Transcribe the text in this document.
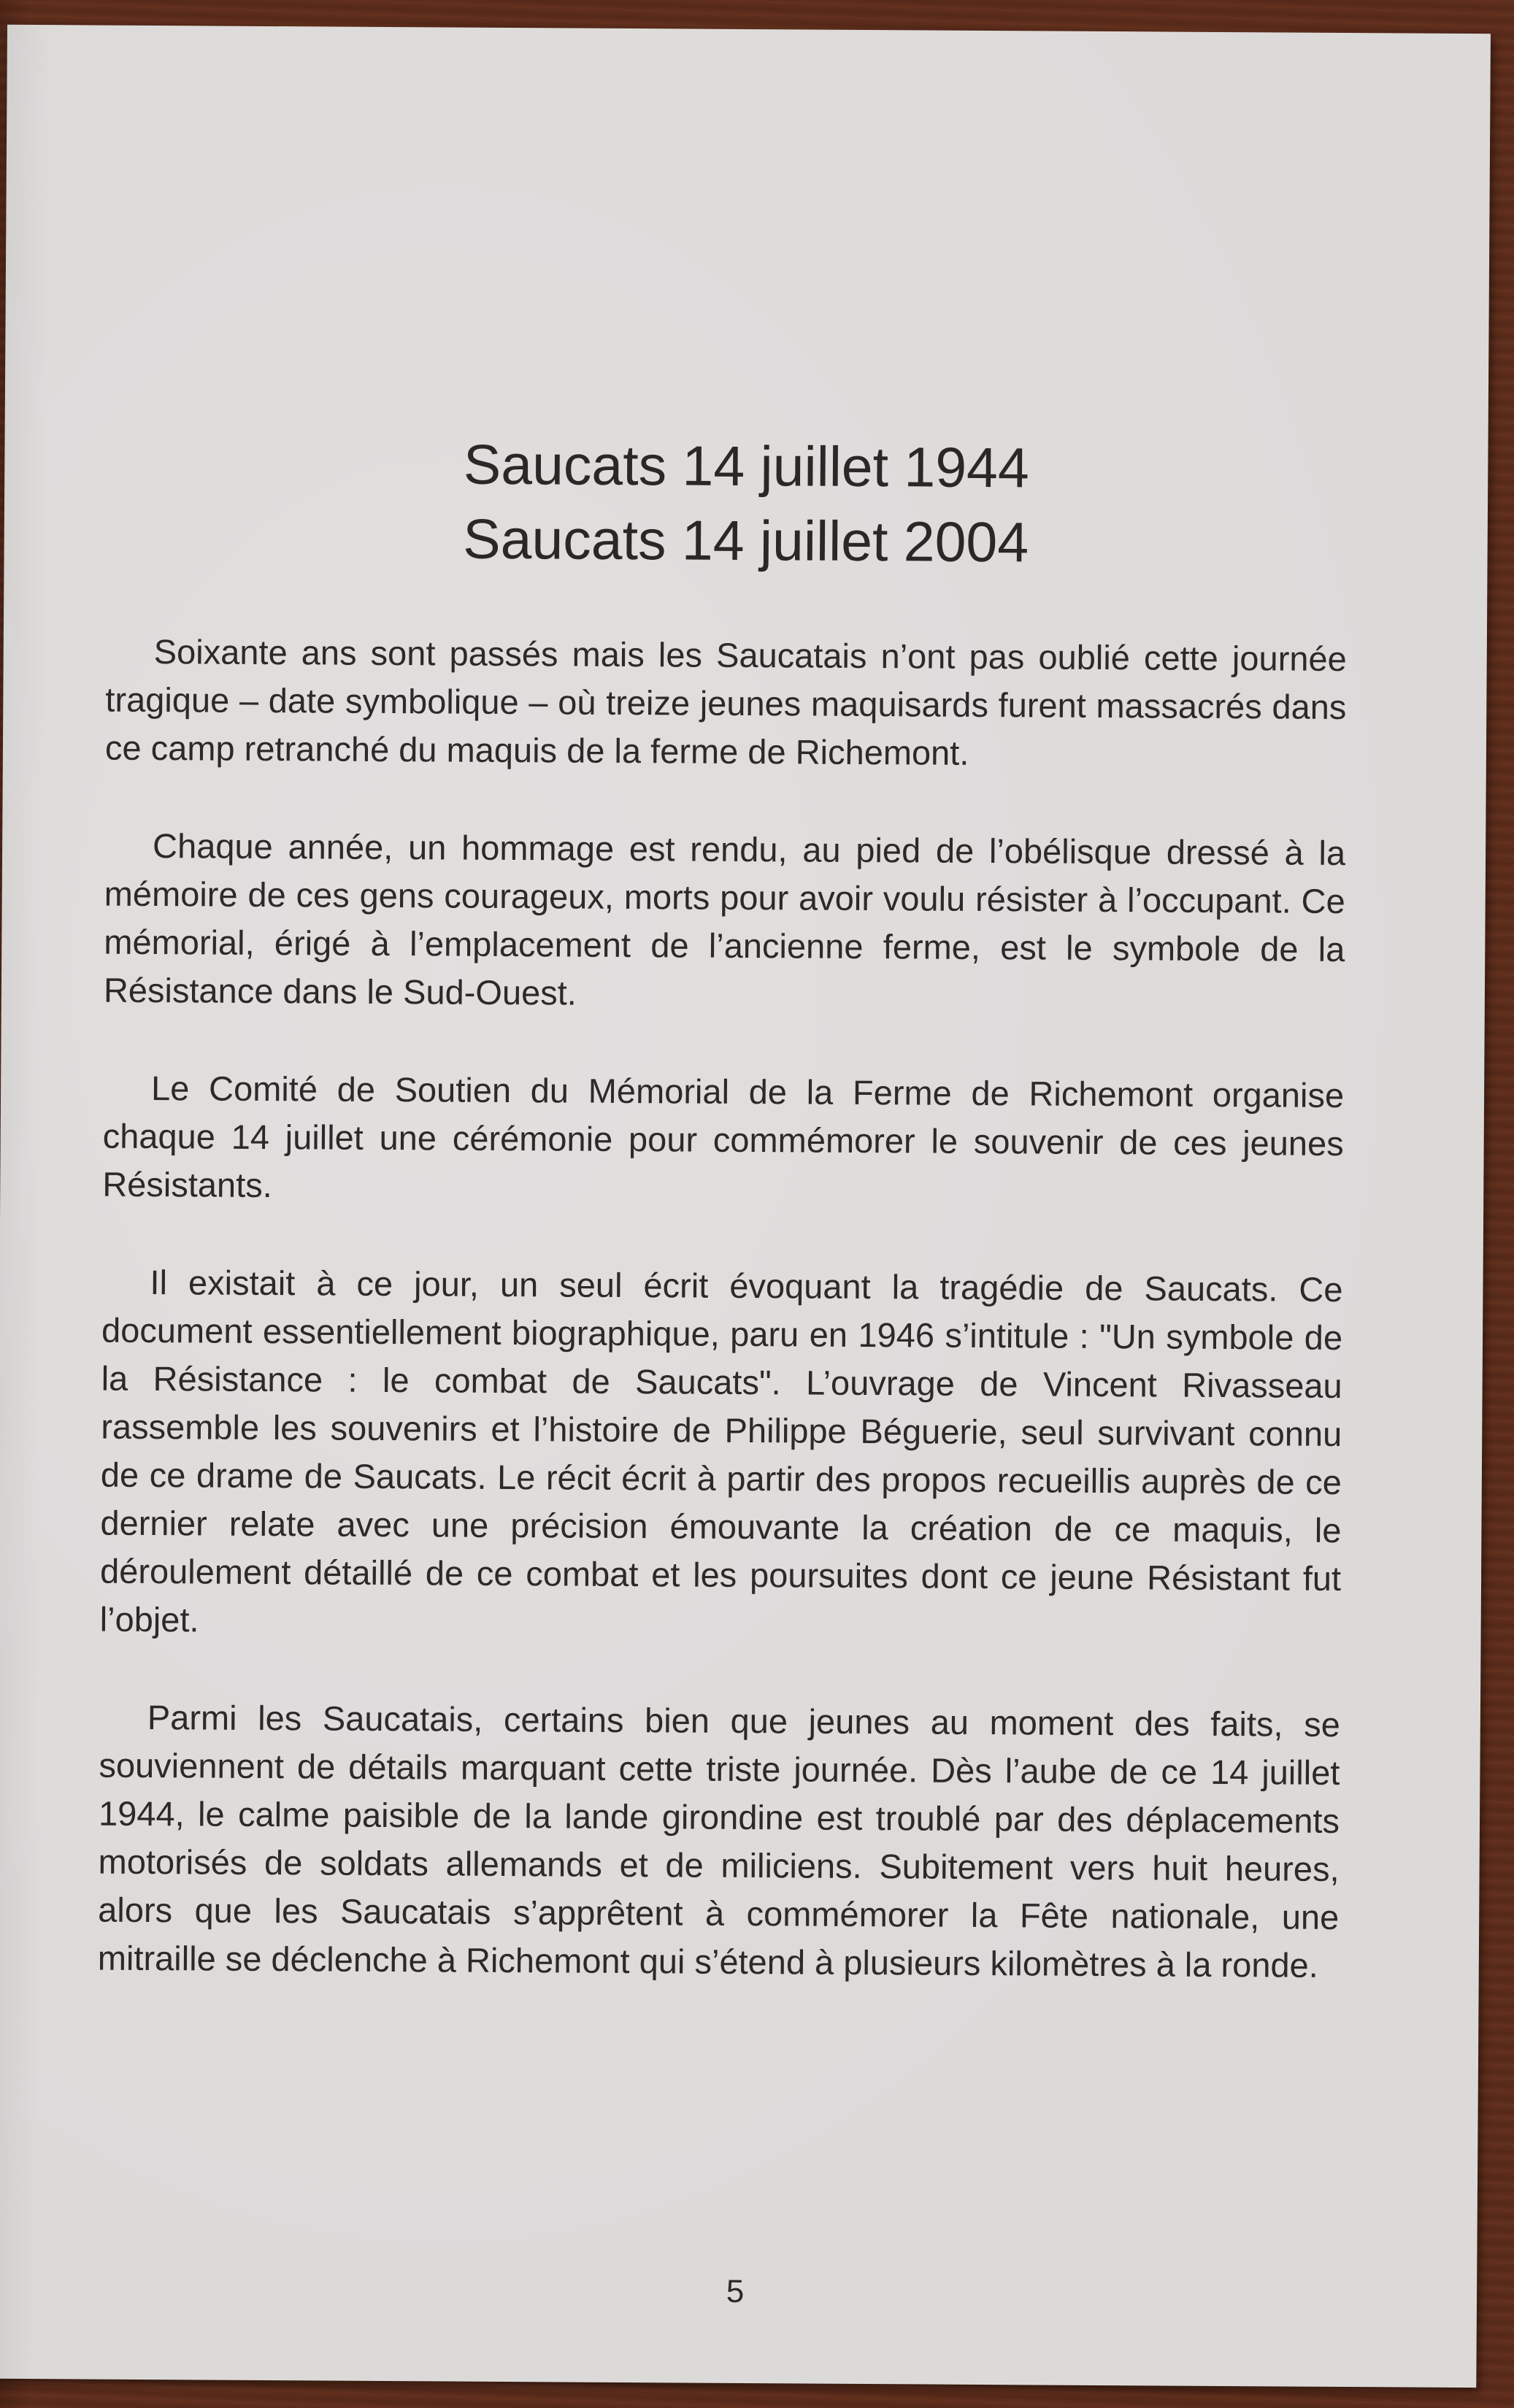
Saucats 14 juillet 1944
Saucats 14 juillet 2004

Soixante ans sont passés mais les Saucatais n’ont pas oublié cette journée tragique – date symbolique – où treize jeunes maquisards furent massacrés dans ce camp retranché du maquis de la ferme de Richemont.

Chaque année, un hommage est rendu, au pied de l’obélisque dressé à la mémoire de ces gens courageux, morts pour avoir voulu résister à l’occupant. Ce mémorial, érigé à l’emplacement de l’ancienne ferme, est le symbole de la Résistance dans le Sud-Ouest.

Le Comité de Soutien du Mémorial de la Ferme de Richemont organise chaque 14 juillet une cérémonie pour commémorer le souvenir de ces jeunes Résistants.

Il existait à ce jour, un seul écrit évoquant la tragédie de Saucats. Ce document essentiellement biographique, paru en 1946 s’intitule : "Un symbole de la Résistance : le combat de Saucats". L’ouvrage de Vincent Rivasseau rassemble les souvenirs et l’histoire de Philippe Béguerie, seul survivant connu de ce drame de Saucats. Le récit écrit à partir des propos recueillis auprès de ce dernier relate avec une précision émouvante la création de ce maquis, le déroulement détaillé de ce combat et les poursuites dont ce jeune Résistant fut l’objet.

Parmi les Saucatais, certains bien que jeunes au moment des faits, se souviennent de détails marquant cette triste journée. Dès l’aube de ce 14 juillet 1944, le calme paisible de la lande girondine est troublé par des déplacements motorisés de soldats allemands et de miliciens. Subitement vers huit heures, alors que les Saucatais s’apprêtent à commémorer la Fête nationale, une mitraille se déclenche à Richemont qui s’étend à plusieurs kilomètres à la ronde.

5
